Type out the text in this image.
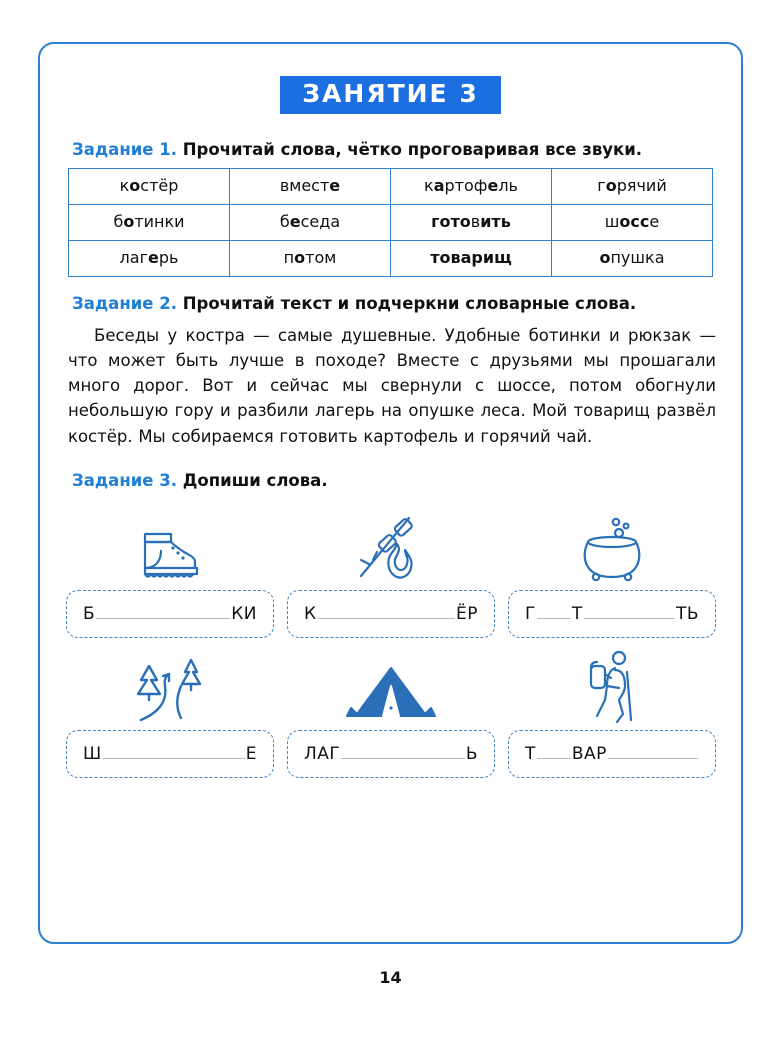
ЗАНЯТИЕ 3
Задание 1. Прочитай слова, чётко проговаривая все звуки.
костёр	вместе	картофель	горячий
ботинки	беседа	готовить	шоссе
лагерь	потом	товарищ	опушка
Задание 2. Прочитай текст и подчеркни словарные слова.
Беседы у костра — самые душевные. Удобные ботинки и рюкзак — что может быть лучше в походе? Вместе с друзьями мы прошагали много дорог. Вот и сейчас мы свернули с шоссе, потом обогнули небольшую гору и разбили лагерь на опушке леса. Мой товарищ развёл костёр. Мы собираемся готовить картофель и горячий чай.
Задание 3. Допиши слова.
Б	КИ	К	ЁР	Г Т	ТЬ
Ш	Е	ЛАГ	Ь	Т ВАР
14
